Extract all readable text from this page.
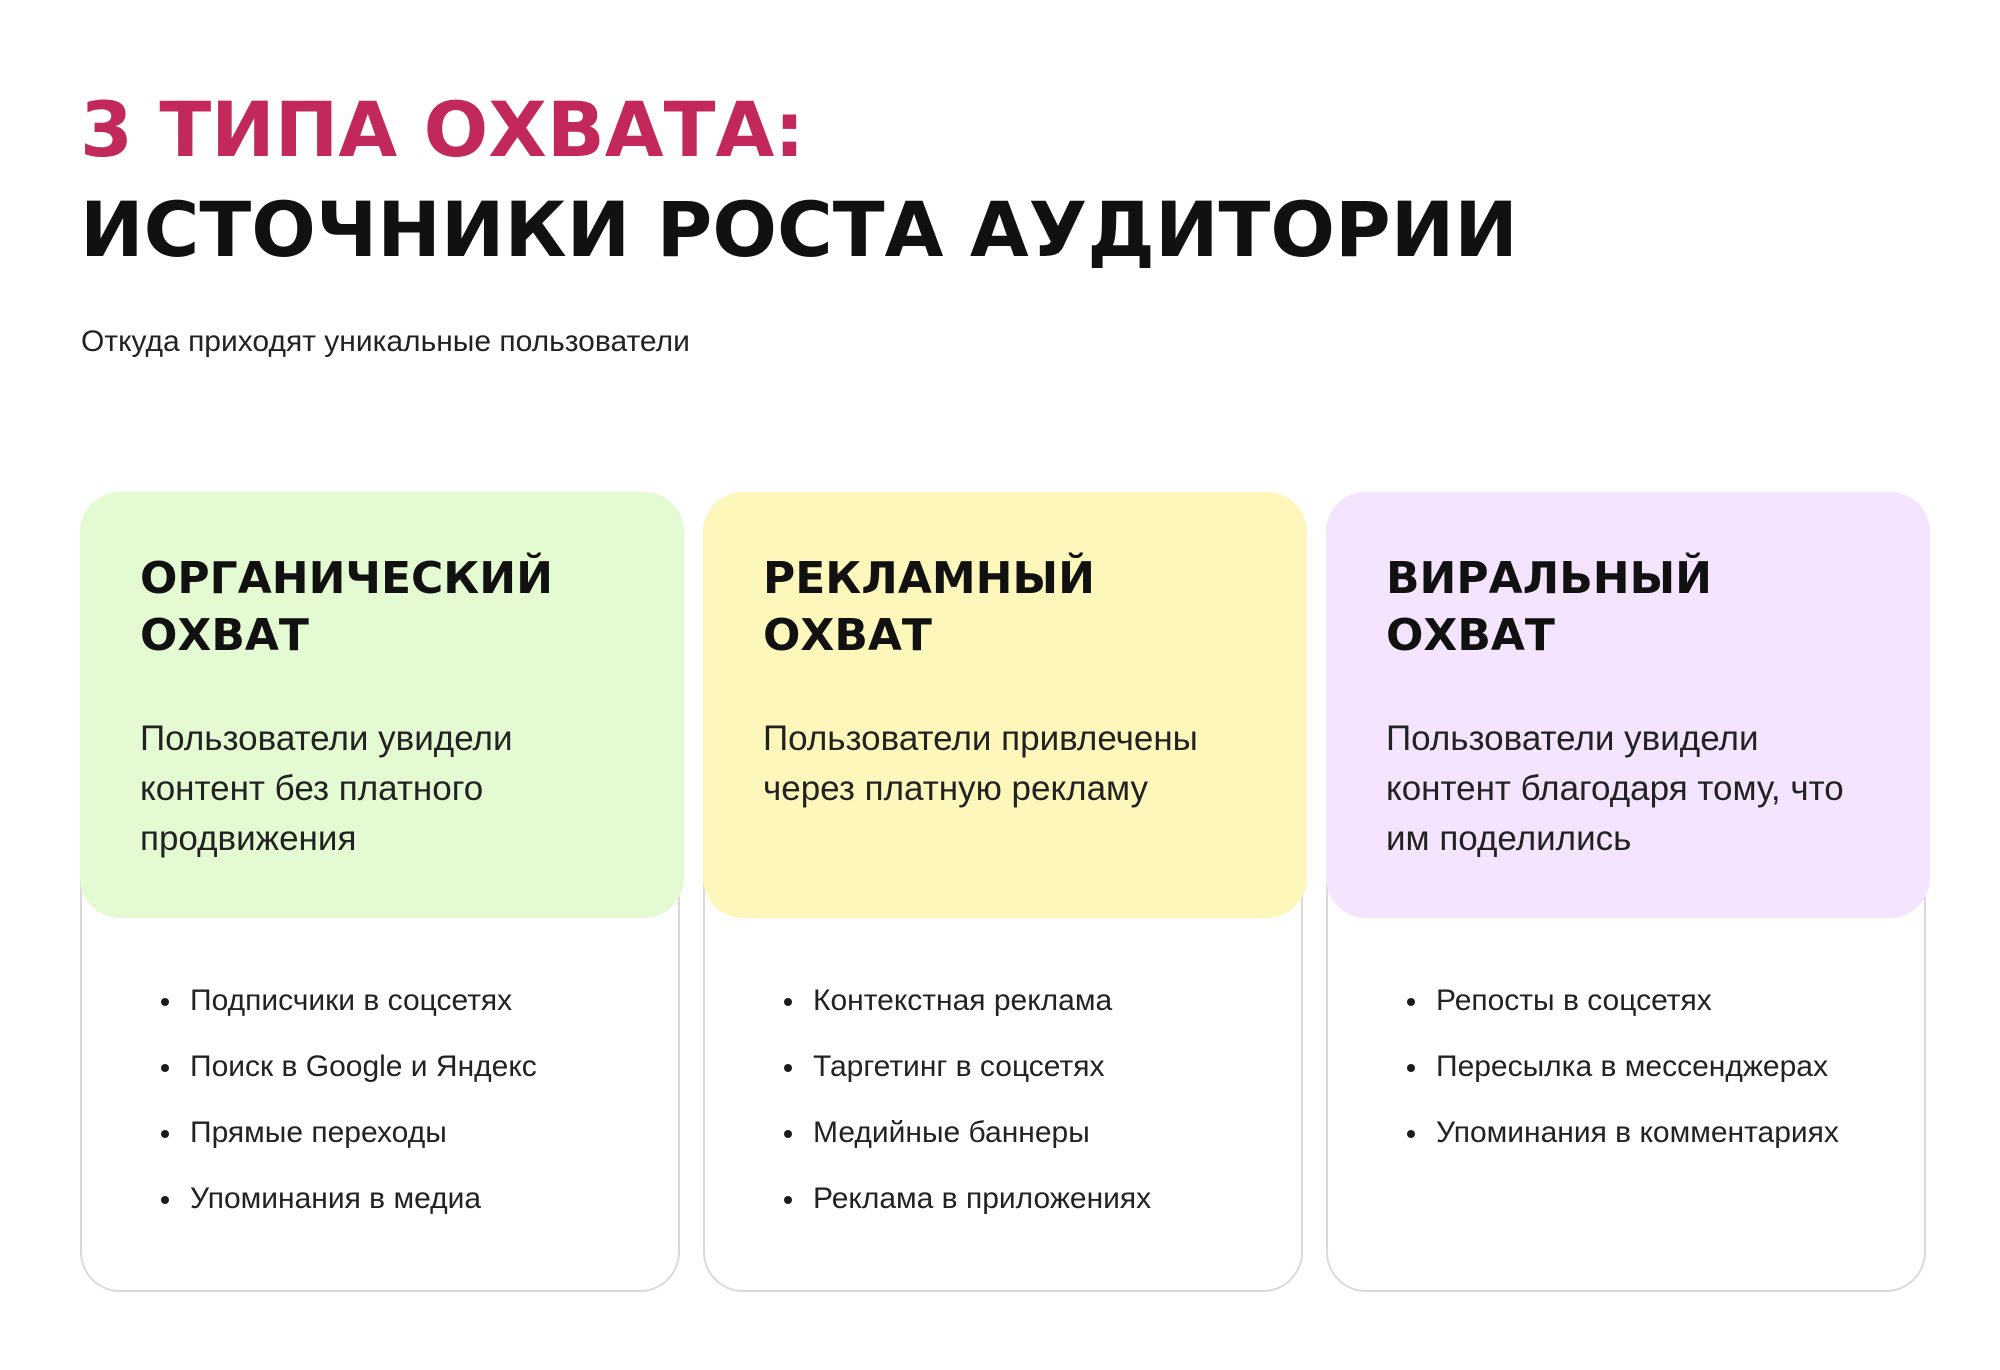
3 ТИПА ОХВАТА:
ИСТОЧНИКИ РОСТА АУДИТОРИИ

Откуда приходят уникальные пользователи

ОРГАНИЧЕСКИЙ
ОХВАТ

Пользователи увидели контент без платного продвижения

Подписчики в соцсетях
Поиск в Google и Яндекс
Прямые переходы
Упоминания в медиа
РЕКЛАМНЫЙ
ОХВАТ

Пользователи привлечены через платную рекламу

Контекстная реклама
Таргетинг в соцсетях
Медийные баннеры
Реклама в приложениях
ВИРАЛЬНЫЙ
ОХВАТ

Пользователи увидели контент благодаря тому, что им поделились

Репосты в соцсетях
Пересылка в мессенджерах
Упоминания в комментариях
